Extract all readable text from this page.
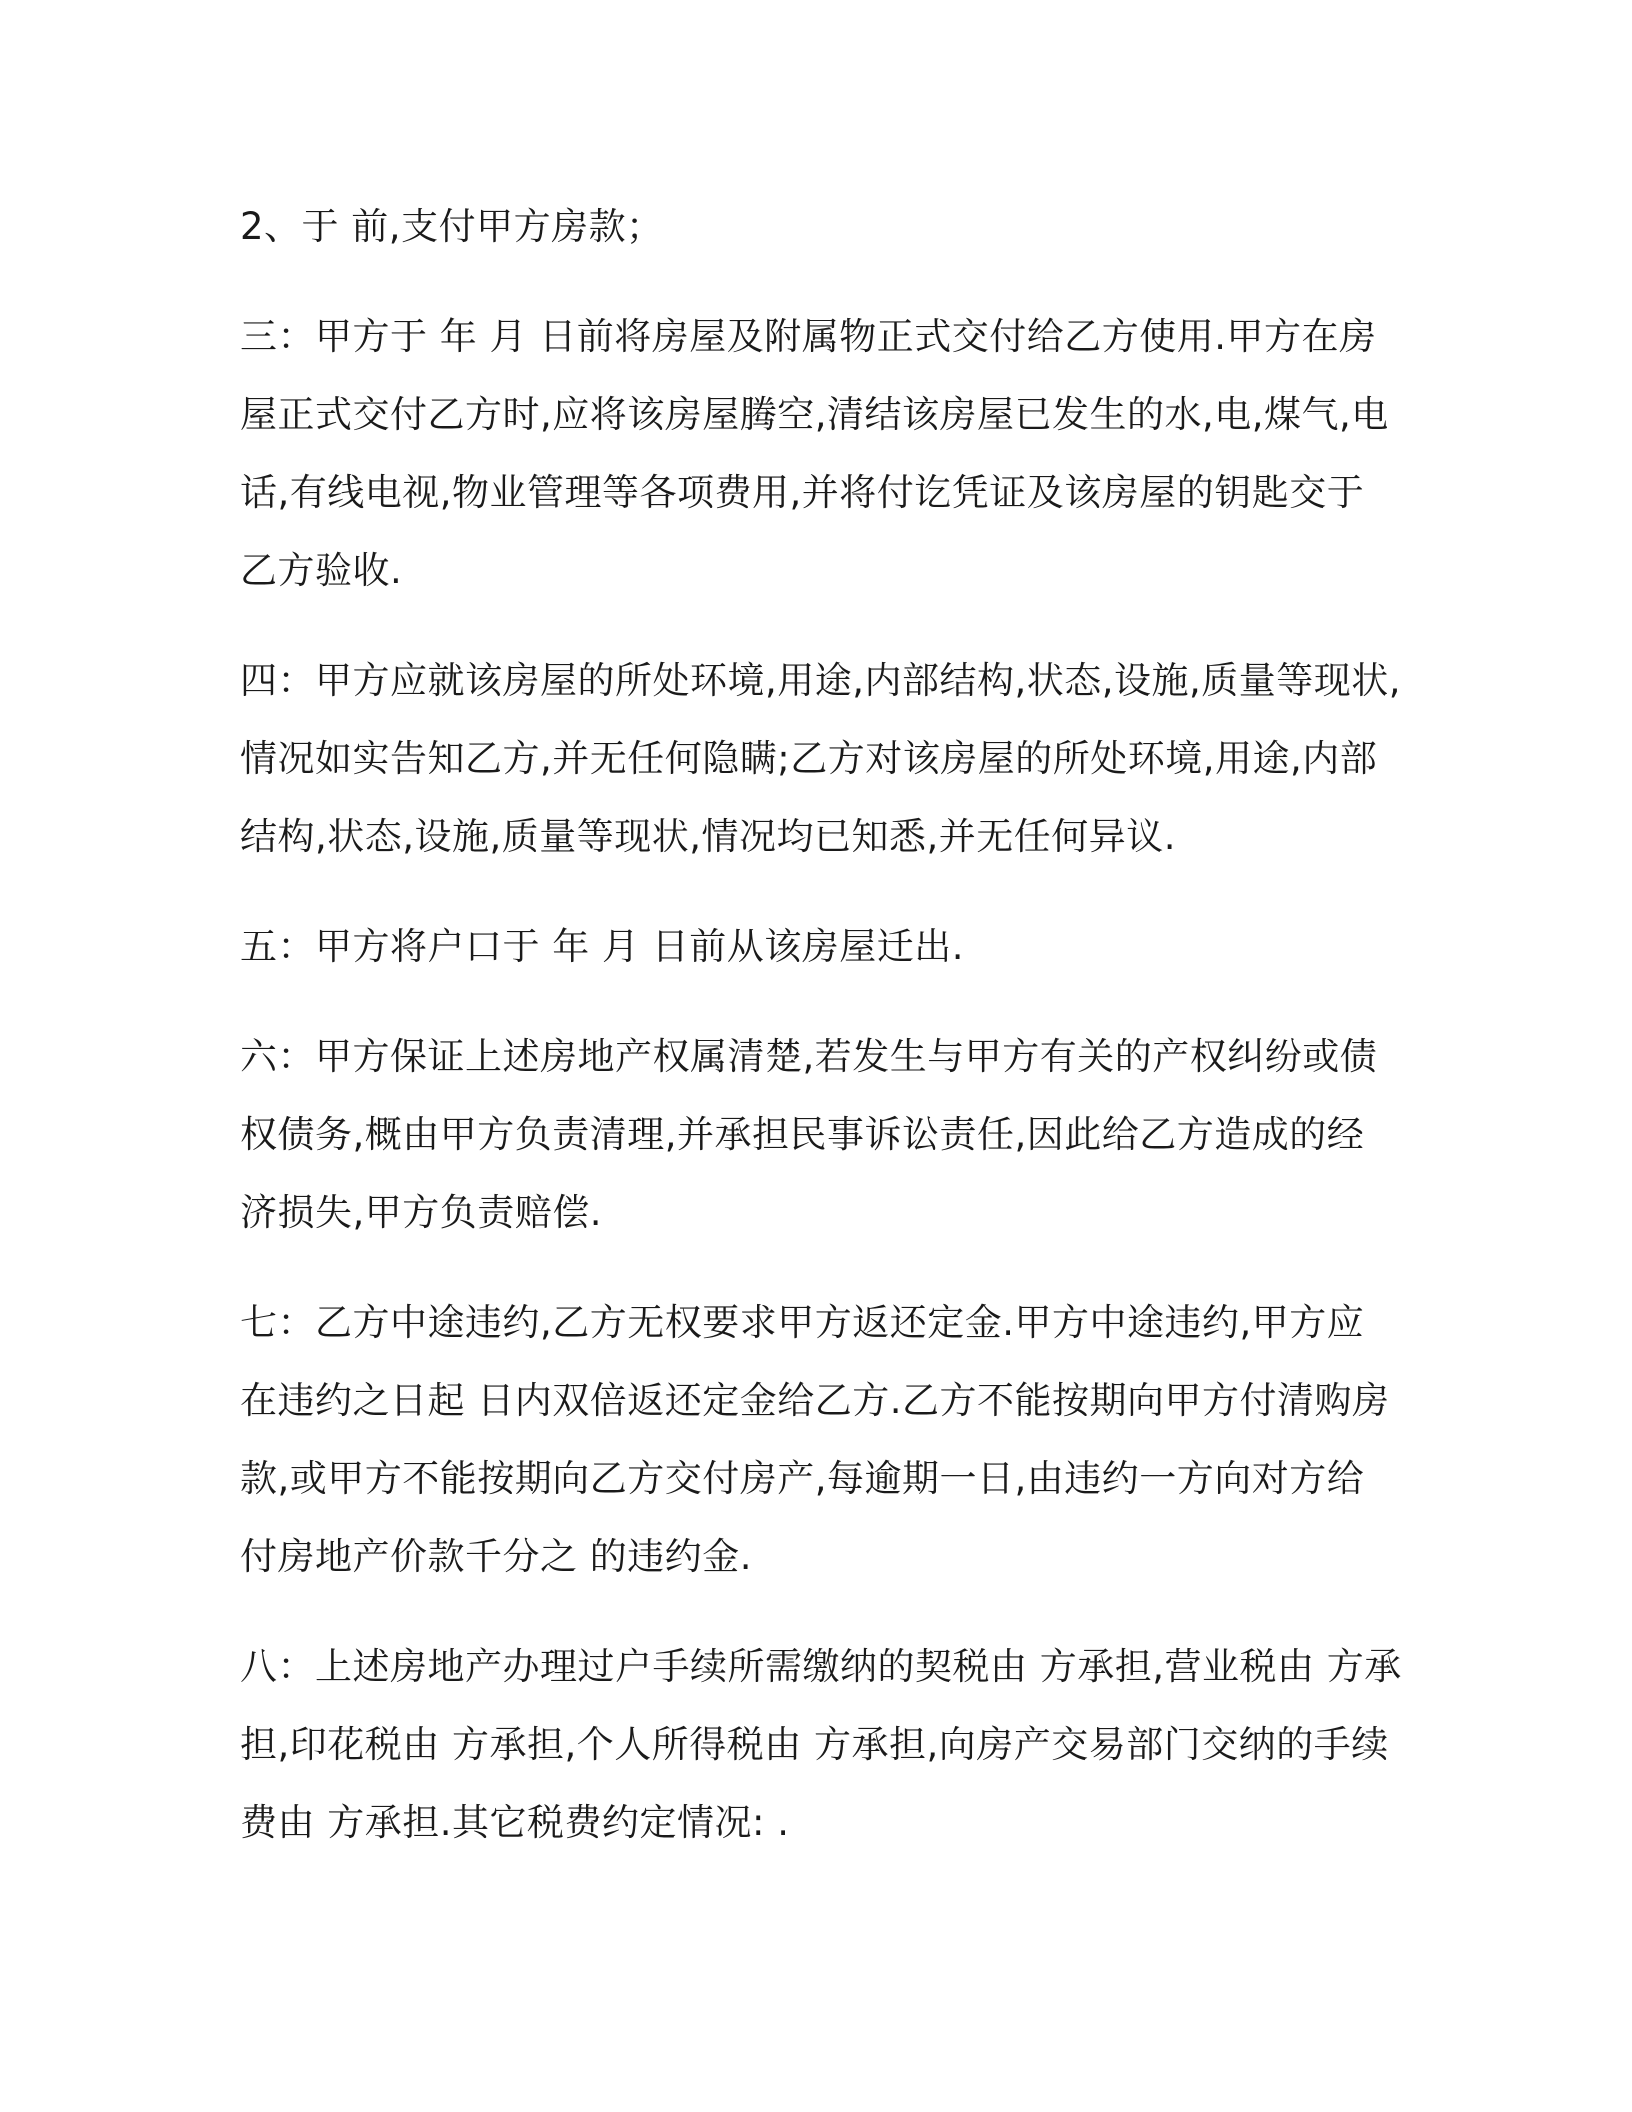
2、于 前,支付甲方房款；

三：甲方于 年 月 日前将房屋及附属物正式交付给乙方使用.甲方在房
屋正式交付乙方时,应将该房屋腾空,清结该房屋已发生的水,电,煤气,电
话,有线电视,物业管理等各项费用,并将付讫凭证及该房屋的钥匙交于
乙方验收.

四：甲方应就该房屋的所处环境,用途,内部结构,状态,设施,质量等现状,
情况如实告知乙方,并无任何隐瞒;乙方对该房屋的所处环境,用途,内部
结构,状态,设施,质量等现状,情况均已知悉,并无任何异议.

五：甲方将户口于 年 月 日前从该房屋迁出.

六：甲方保证上述房地产权属清楚,若发生与甲方有关的产权纠纷或债
权债务,概由甲方负责清理,并承担民事诉讼责任,因此给乙方造成的经
济损失,甲方负责赔偿.

七：乙方中途违约,乙方无权要求甲方返还定金.甲方中途违约,甲方应
在违约之日起 日内双倍返还定金给乙方.乙方不能按期向甲方付清购房
款,或甲方不能按期向乙方交付房产,每逾期一日,由违约一方向对方给
付房地产价款千分之 的违约金.

八：上述房地产办理过户手续所需缴纳的契税由 方承担,营业税由 方承
担,印花税由 方承担,个人所得税由 方承担,向房产交易部门交纳的手续
费由 方承担.其它税费约定情况: .
